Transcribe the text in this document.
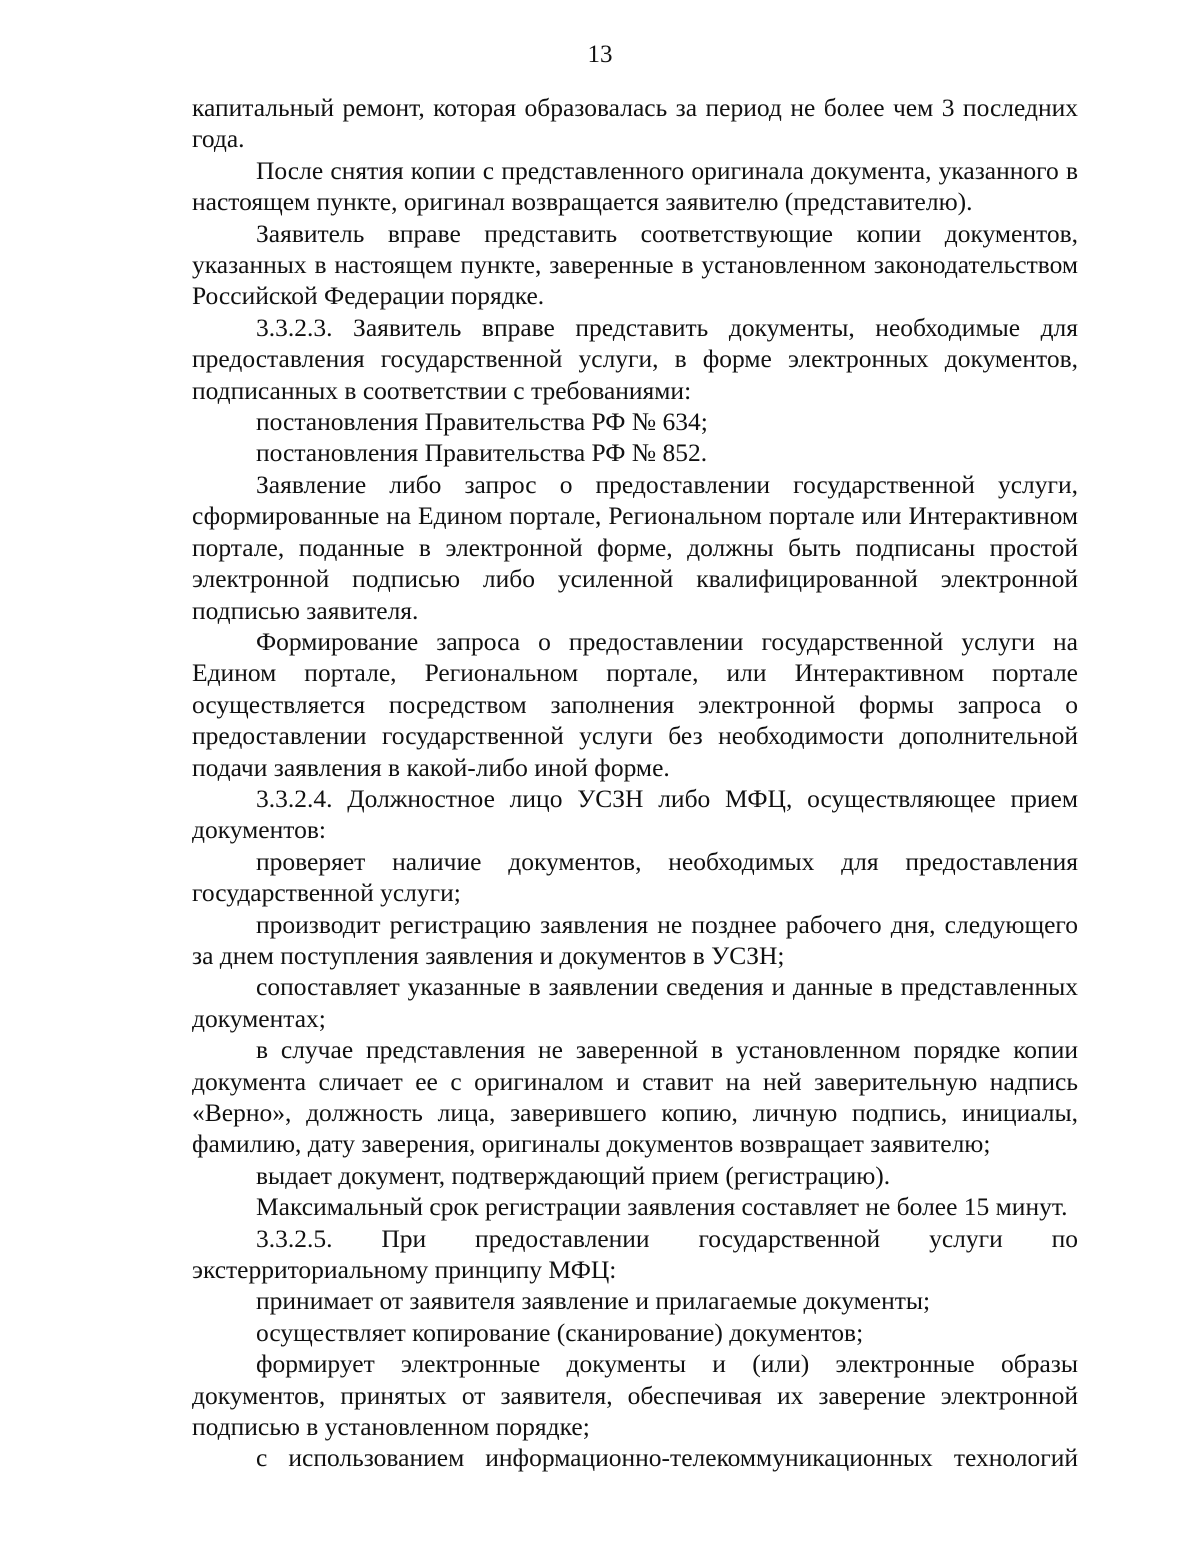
13

капитальный ремонт, которая образовалась за период не более чем 3 последних года.

После снятия копии с представленного оригинала документа, указанного в настоящем пункте, оригинал возвращается заявителю (представителю).

Заявитель вправе представить соответствующие копии документов, указанных в настоящем пункте, заверенные в установленном законодательством Российской Федерации порядке.

3.3.2.3. Заявитель вправе представить документы, необходимые для предоставления государственной услуги, в форме электронных документов, подписанных в соответствии с требованиями:

постановления Правительства РФ № 634;

постановления Правительства РФ № 852.

Заявление либо запрос о предоставлении государственной услуги, сформированные на Едином портале, Региональном портале или Интерактивном портале, поданные в электронной форме, должны быть подписаны простой электронной подписью либо усиленной квалифицированной электронной подписью заявителя.

Формирование запроса о предоставлении государственной услуги на Едином портале, Региональном портале, или Интерактивном портале осуществляется посредством заполнения электронной формы запроса о предоставлении государственной услуги без необходимости дополнительной подачи заявления в какой-либо иной форме.

3.3.2.4. Должностное лицо УСЗН либо МФЦ, осуществляющее прием документов:

проверяет наличие документов, необходимых для предоставления государственной услуги;

производит регистрацию заявления не позднее рабочего дня, следующего за днем поступления заявления и документов в УСЗН;

сопоставляет указанные в заявлении сведения и данные в представленных документах;

в случае представления не заверенной в установленном порядке копии документа сличает ее с оригиналом и ставит на ней заверительную надпись «Верно», должность лица, заверившего копию, личную подпись, инициалы, фамилию, дату заверения, оригиналы документов возвращает заявителю;

выдает документ, подтверждающий прием (регистрацию).

Максимальный срок регистрации заявления составляет не более 15 минут.

3.3.2.5. При предоставлении государственной услуги по экстерриториальному принципу МФЦ:

принимает от заявителя заявление и прилагаемые документы;

осуществляет копирование (сканирование) документов;

формирует электронные документы и (или) электронные образы документов, принятых от заявителя, обеспечивая их заверение электронной подписью в установленном порядке;

с использованием информационно-телекоммуникационных технологий
